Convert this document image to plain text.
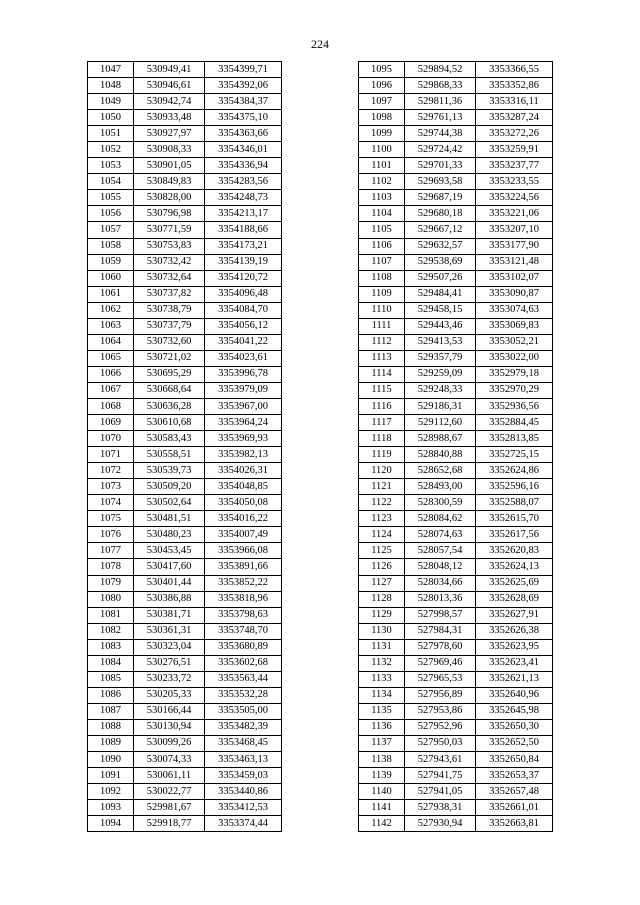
224
1047	530949,41	3354399,71
1048	530946,61	3354392,06
1049	530942,74	3354384,37
1050	530933,48	3354375,10
1051	530927,97	3354363,66
1052	530908,33	3354346,01
1053	530901,05	3354336,94
1054	530849,83	3354283,56
1055	530828,00	3354248,73
1056	530796,98	3354213,17
1057	530771,59	3354188,66
1058	530753,83	3354173,21
1059	530732,42	3354139,19
1060	530732,64	3354120,72
1061	530737,82	3354096,48
1062	530738,79	3354084,70
1063	530737,79	3354056,12
1064	530732,60	3354041,22
1065	530721,02	3354023,61
1066	530695,29	3353996,78
1067	530668,64	3353979,09
1068	530636,28	3353967,00
1069	530610,68	3353964,24
1070	530583,43	3353969,93
1071	530558,51	3353982,13
1072	530539,73	3354026,31
1073	530509,20	3354048,85
1074	530502,64	3354050,08
1075	530481,51	3354016,22
1076	530480,23	3354007,49
1077	530453,45	3353966,08
1078	530417,60	3353891,66
1079	530401,44	3353852,22
1080	530386,88	3353818,96
1081	530381,71	3353798,63
1082	530361,31	3353748,70
1083	530323,04	3353680,89
1084	530276,51	3353602,68
1085	530233,72	3353563,44
1086	530205,33	3353532,28
1087	530166,44	3353505,00
1088	530130,94	3353482,39
1089	530099,26	3353468,45
1090	530074,33	3353463,13
1091	530061,11	3353459,03
1092	530022,77	3353440,86
1093	529981,67	3353412,53
1094	529918,77	3353374,44
1095	529894,52	3353366,55
1096	529868,33	3353352,86
1097	529811,36	3353316,11
1098	529761,13	3353287,24
1099	529744,38	3353272,26
1100	529724,42	3353259,91
1101	529701,33	3353237,77
1102	529693,58	3353233,55
1103	529687,19	3353224,56
1104	529680,18	3353221,06
1105	529667,12	3353207,10
1106	529632,57	3353177,90
1107	529538,69	3353121,48
1108	529507,26	3353102,07
1109	529484,41	3353090,87
1110	529458,15	3353074,63
1111	529443,46	3353069,83
1112	529413,53	3353052,21
1113	529357,79	3353022,00
1114	529259,09	3352979,18
1115	529248,33	3352970,29
1116	529186,31	3352936,56
1117	529112,60	3352884,45
1118	528988,67	3352813,85
1119	528840,88	3352725,15
1120	528652,68	3352624,86
1121	528493,00	3352596,16
1122	528300,59	3352588,07
1123	528084,62	3352615,70
1124	528074,63	3352617,56
1125	528057,54	3352620,83
1126	528048,12	3352624,13
1127	528034,66	3352625,69
1128	528013,36	3352628,69
1129	527998,57	3352627,91
1130	527984,31	3352626,38
1131	527978,60	3352623,95
1132	527969,46	3352623,41
1133	527965,53	3352621,13
1134	527956,89	3352640,96
1135	527953,86	3352645,98
1136	527952,96	3352650,30
1137	527950,03	3352652,50
1138	527943,61	3352650,84
1139	527941,75	3352653,37
1140	527941,05	3352657,48
1141	527938,31	3352661,01
1142	527930,94	3352663,81
